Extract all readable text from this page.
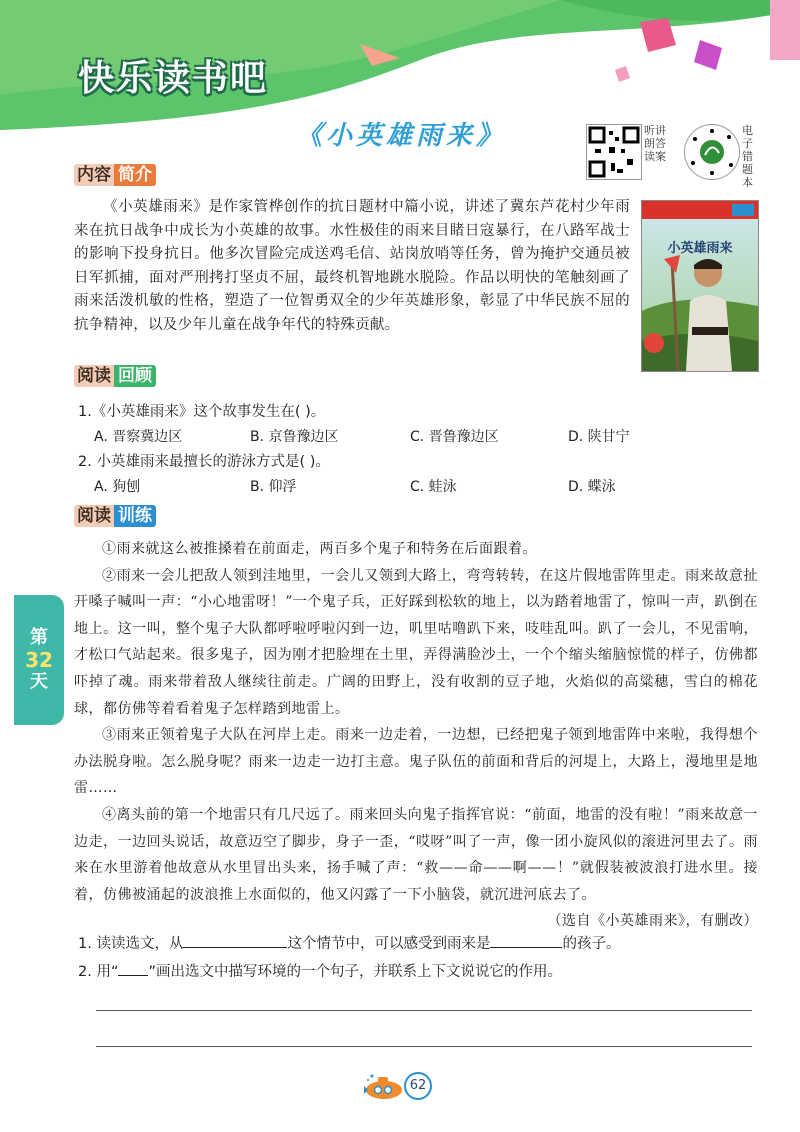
快乐读书吧
《小英雄雨来》	听讲朗答读案
电子错题本
内容 简介
《小英雄雨来》是作家管桦创作的抗日题材中篇小说，讲述了冀东芦花村少年雨来在抗日战争中成长为小英雄的故事。水性极佳的雨来目睹日寇暴行，在八路军战士的影响下投身抗日。他多次冒险完成送鸡毛信、站岗放哨等任务，曾为掩护交通员被日军抓捕，面对严刑拷打坚贞不屈，最终机智地跳水脱险。作品以明快的笔触刻画了雨来活泼机敏的性格，塑造了一位智勇双全的少年英雄形象，彰显了中华民族不屈的抗争精神，以及少年儿童在战争年代的特殊贡献。
小英雄雨来
阅读 回顾
1.《小英雄雨来》这个故事发生在( )。
A. 晋察冀边区	B. 京鲁豫边区	C. 晋鲁豫边区	D. 陕甘宁
2. 小英雄雨来最擅长的游泳方式是( )。
A. 狗刨	B. 仰浮	C. 蛙泳	D. 蝶泳
阅读 训练

①雨来就这么被推搡着在前面走，两百多个鬼子和特务在后面跟着。

②雨来一会儿把敌人领到洼地里，一会儿又领到大路上，弯弯转转，在这片假地雷阵里走。雨来故意扯开嗓子喊叫一声：“小心地雷呀！”一个鬼子兵，正好踩到松软的地上，以为踏着地雷了，惊叫一声，趴倒在地上。这一叫，整个鬼子大队都呼啦呼啦闪到一边，叽里咕噜趴下来，吱哇乱叫。趴了一会儿，不见雷响，才松口气站起来。很多鬼子，因为刚才把脸埋在土里，弄得满脸沙土，一个个缩头缩脑惊慌的样子，仿佛都吓掉了魂。雨来带着敌人继续往前走。广阔的田野上，没有收割的豆子地，火焰似的高粱穗，雪白的棉花球，都仿佛等着看着鬼子怎样踏到地雷上。

③雨来正领着鬼子大队在河岸上走。雨来一边走着，一边想，已经把鬼子领到地雷阵中来啦，我得想个办法脱身啦。怎么脱身呢？雨来一边走一边打主意。鬼子队伍的前面和背后的河堤上，大路上，漫地里是地雷……

④离头前的第一个地雷只有几尺远了。雨来回头向鬼子指挥官说：“前面，地雷的没有啦！”雨来故意一边走，一边回头说话，故意迈空了脚步，身子一歪，“哎呀”叫了一声，像一团小旋风似的滚进河里去了。雨来在水里游着他故意从水里冒出头来，扬手喊了声：“救——命——啊——！”就假装被波浪打进水里。接着，仿佛被涌起的波浪推上水面似的，他又闪露了一下小脑袋，就沉进河底去了。

（选自《小英雄雨来》，有删改）

1. 读读选文，从	这个情节中，可以感受到雨来是	的孩子。
2. 用“ ”画出选文中描写环境的一个句子，并联系上下文说说它的作用。
第
32
天
62
